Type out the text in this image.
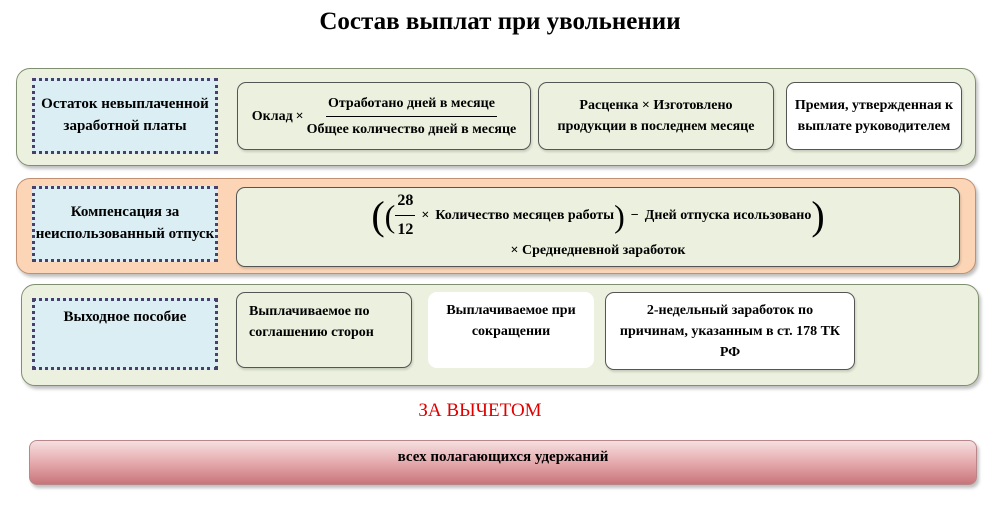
Состав выплат при увольнении
Остаток невыплаченной заработной платы
Оклад × $\frac{\text{Отработано дней в месяце}}{\text{Общее количество дней в месяце}}$	Расценка × Изготовлено
продукции в последнем месяце
Премия, утвержденная к выплате руководителем
Компенсация за неиспользованный отпуск	( ( $\frac{28}{12}$ × Количество месяцев работы ) − Дней отпуска исользовано )
× Среднедневной заработок
Выходное пособие	Выплачиваемое по соглашению сторон
Выплачиваемое при сокращении
2-недельный заработок по причинам, указанным в ст. 178 ТК РФ
ЗА ВЫЧЕТОМ
всех полагающихся удержаний
